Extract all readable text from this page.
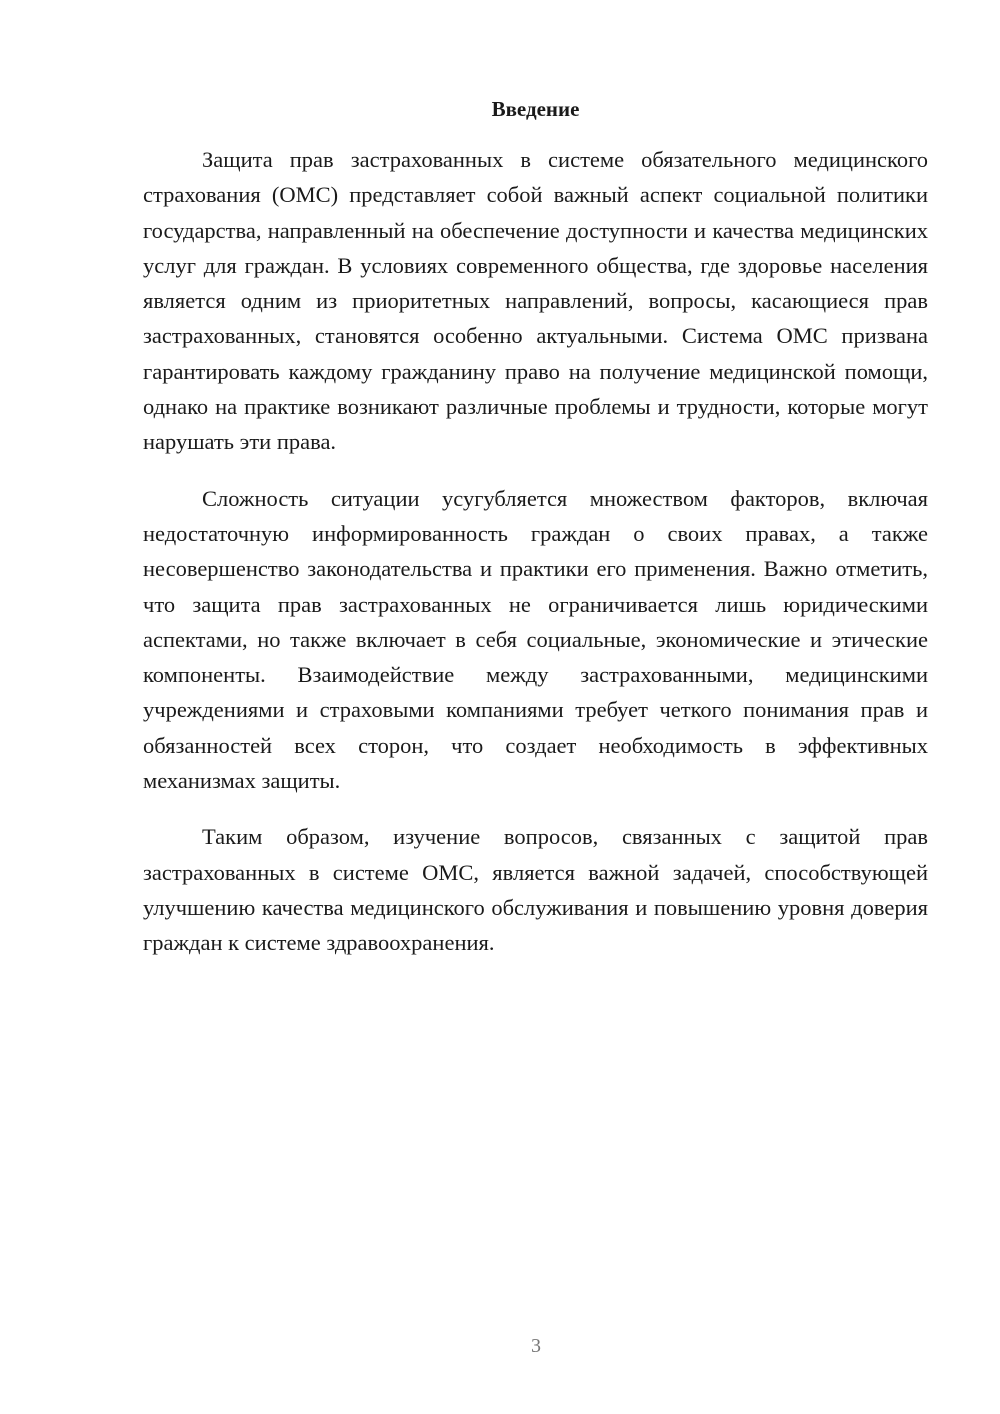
Введение

Защита прав застрахованных в системе обязательного медицинского страхования (ОМС) представляет собой важный аспект социальной политики государства, направленный на обеспечение доступности и качества медицинских услуг для граждан. В условиях современного общества, где здоровье населения является одним из приоритетных направлений, вопросы, касающиеся прав застрахованных, становятся особенно актуальными. Система ОМС призвана гарантировать каждому гражданину право на получение медицинской помощи, однако на практике возникают различные проблемы и трудности, которые могут нарушать эти права.

Сложность ситуации усугубляется множеством факторов, включая недостаточную информированность граждан о своих правах, а также несовершенство законодательства и практики его применения. Важно отметить, что защита прав застрахованных не ограничивается лишь юридическими аспектами, но также включает в себя социальные, экономические и этические компоненты. Взаимодействие между застрахованными, медицинскими учреждениями и страховыми компаниями требует четкого понимания прав и обязанностей всех сторон, что создает необходимость в эффективных механизмах защиты.

Таким образом, изучение вопросов, связанных с защитой прав застрахованных в системе ОМС, является важной задачей, способствующей улучшению качества медицинского обслуживания и повышению уровня доверия граждан к системе здравоохранения.

3
